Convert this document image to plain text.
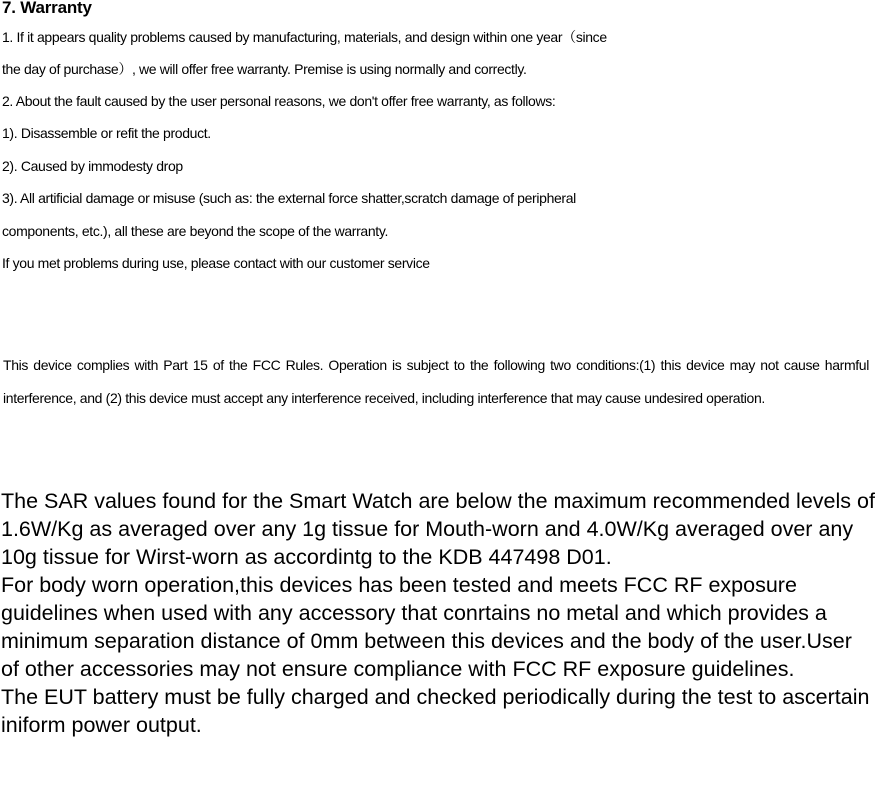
7. Warranty
1. If it appears quality problems caused by manufacturing, materials, and design within one year（since
the day of purchase）, we will offer free warranty. Premise is using normally and correctly.
2. About the fault caused by the user personal reasons, we don't offer free warranty, as follows:
1). Disassemble or refit the product.
2). Caused by immodesty drop
3). All artificial damage or misuse (such as: the external force shatter,scratch damage of peripheral
components, etc.), all these are beyond the scope of the warranty.
If you met problems during use, please contact with our customer service
This device complies with Part 15 of the FCC Rules. Operation is subject to the following two conditions:(1) this device may not cause harmful interference, and (2) this device must accept any interference received, including interference that may cause undesired operation.

The SAR values found for the Smart Watch are below the maximum recommended levels of 1.6W/Kg as averaged over any 1g tissue for Mouth-worn and 4.0W/Kg averaged over any 10g tissue for Wirst-worn as accordintg to the KDB 447498 D01.

For body worn operation,this devices has been tested and meets FCC RF exposure guidelines when used with any accessory that conrtains no metal and which provides a minimum separation distance of 0mm between this devices and the body of the user.User of other accessories may not ensure compliance with FCC RF exposure guidelines.

The EUT battery must be fully charged and checked periodically during the test to ascertain iniform power output.
